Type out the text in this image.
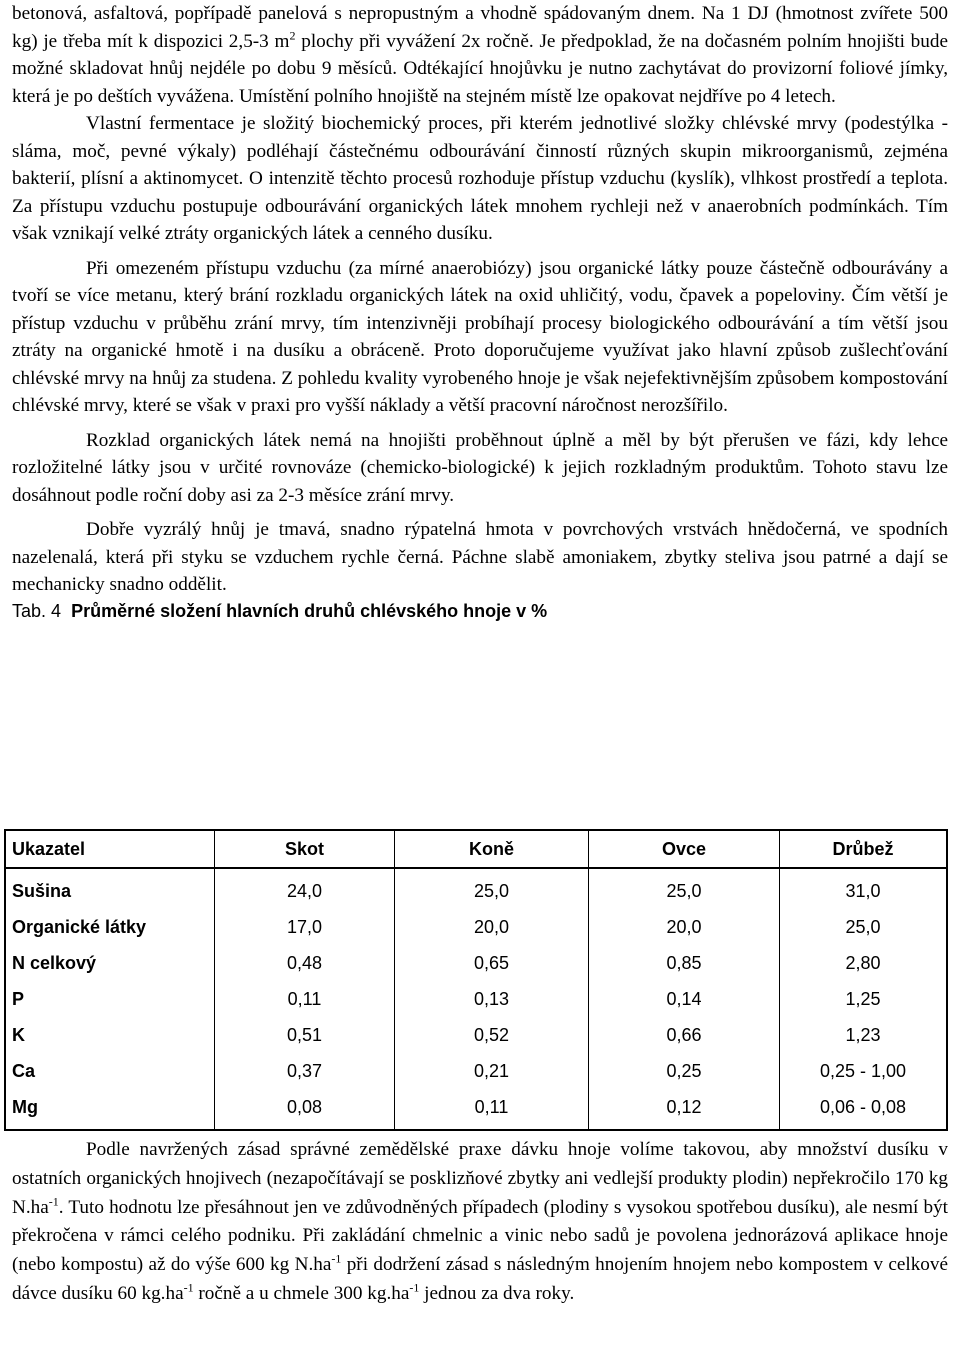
betonová, asfaltová, popřípadě panelová s nepropustným a vhodně spádovaným dnem. Na 1 DJ (hmotnost zvířete 500 kg) je třeba mít k dispozici 2,5-3 $m^2$ plochy při vyvážení 2x ročně. Je předpoklad, že na dočasném polním hnojišti bude možné skladovat hnůj nejdéle po dobu 9 měsíců. Odtékající hnojůvku je nutno zachytávat do provizorní foliové jímky, která je po deštích vyvážena. Umístění polního hnojiště na stejném místě lze opakovat nejdříve po 4 letech.

Vlastní fermentace je složitý biochemický proces, při kterém jednotlivé složky chlévské mrvy (podestýlka - sláma, moč, pevné výkaly) podléhají částečnému odbourávání činností různých skupin mikroorganismů, zejména bakterií, plísní a aktinomycet. O intenzitě těchto procesů rozhoduje přístup vzduchu (kyslík), vlhkost prostředí a teplota. Za přístupu vzduchu postupuje odbourávání organických látek mnohem rychleji než v anaerobních podmínkách. Tím však vznikají velké ztráty organických látek a cenného dusíku.

Při omezeném přístupu vzduchu (za mírné anaerobiózy) jsou organické látky pouze částečně odbourávány a tvoří se více metanu, který brání rozkladu organických látek na oxid uhličitý, vodu, čpavek a popeloviny. Čím větší je přístup vzduchu v průběhu zrání mrvy, tím intenzivněji probíhají procesy biologického odbourávání a tím větší jsou ztráty na organické hmotě i na dusíku a obráceně. Proto doporučujeme využívat jako hlavní způsob zušlechťování chlévské mrvy na hnůj za studena. Z pohledu kvality vyrobeného hnoje je však nejefektivnějším způsobem kompostování chlévské mrvy, které se však v praxi pro vyšší náklady a větší pracovní náročnost nerozšířilo.

Rozklad organických látek nemá na hnojišti proběhnout úplně a měl by být přerušen ve fázi, kdy lehce rozložitelné látky jsou v určité rovnováze (chemicko-biologické) k jejich rozkladným produktům. Tohoto stavu lze dosáhnout podle roční doby asi za 2-3 měsíce zrání mrvy.

Dobře vyzrálý hnůj je tmavá, snadno rýpatelná hmota v povrchových vrstvách hnědočerná, ve spodních nazelenalá, která při styku se vzduchem rychle černá. Páchne slabě amoniakem, zbytky steliva jsou patrné a dají se mechanicky snadno oddělit.

Tab. 4 Průměrné složení hlavních druhů chlévského hnoje v %

Ukazatel	Skot	Koně	Ovce	Drůbež
Sušina	24,0	25,0	25,0	31,0
Organické látky	17,0	20,0	20,0	25,0
N celkový	0,48	0,65	0,85	2,80
P	0,11	0,13	0,14	1,25
K	0,51	0,52	0,66	1,23
Ca	0,37	0,21	0,25	0,25 - 1,00
Mg	0,08	0,11	0,12	0,06 - 0,08

Podle navržených zásad správné zemědělské praxe dávku hnoje volíme takovou, aby množství dusíku v ostatních organických hnojivech (nezapočítávají se posklizňové zbytky ani vedlejší produkty plodin) nepřekročilo 170 kg $N.ha^{-1}$. Tuto hodnotu lze přesáhnout jen ve zdůvodněných případech (plodiny s vysokou spotřebou dusíku), ale nesmí být překročena v rámci celého podniku. Při zakládání chmelnic a vinic nebo sadů je povolena jednorázová aplikace hnoje (nebo kompostu) až do výše 600 kg $N.ha^{-1}$ při dodržení zásad s následným hnojením hnojem nebo kompostem v celkové dávce dusíku 60 $kg.ha^{-1}$ ročně a u chmele 300 $kg.ha^{-1}$ jednou za dva roky.
